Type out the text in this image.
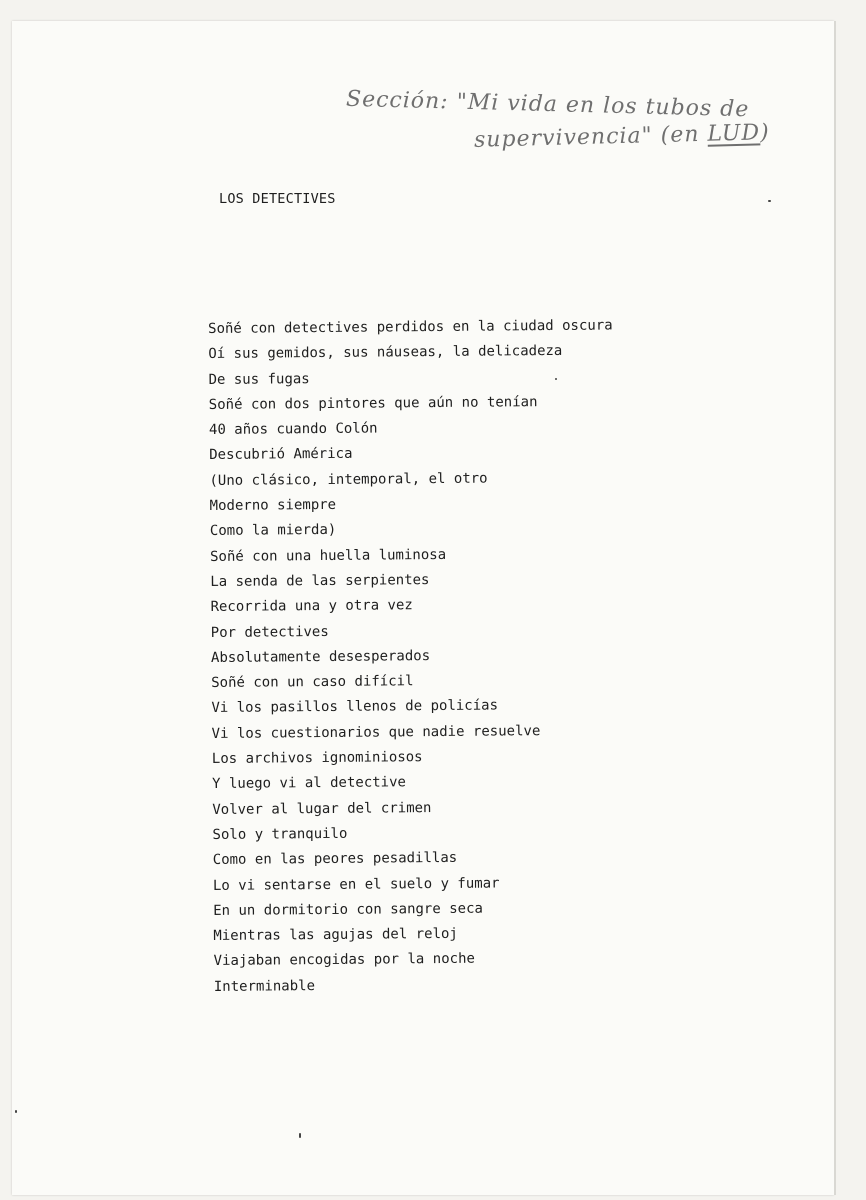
Sección: "Mi vida en los tubos de
supervivencia" (en LUD)
LOS DETECTIVES
Soñé con detectives perdidos en la ciudad oscura
Oí sus gemidos, sus náuseas, la delicadeza
De sus fugas
Soñé con dos pintores que aún no tenían
40 años cuando Colón
Descubrió América
(Uno clásico, intemporal, el otro
Moderno siempre
Como la mierda)
Soñé con una huella luminosa
La senda de las serpientes
Recorrida una y otra vez
Por detectives
Absolutamente desesperados
Soñé con un caso difícil
Vi los pasillos llenos de policías
Vi los cuestionarios que nadie resuelve
Los archivos ignominiosos
Y luego vi al detective
Volver al lugar del crimen
Solo y tranquilo
Como en las peores pesadillas
Lo vi sentarse en el suelo y fumar
En un dormitorio con sangre seca
Mientras las agujas del reloj
Viajaban encogidas por la noche
Interminable
